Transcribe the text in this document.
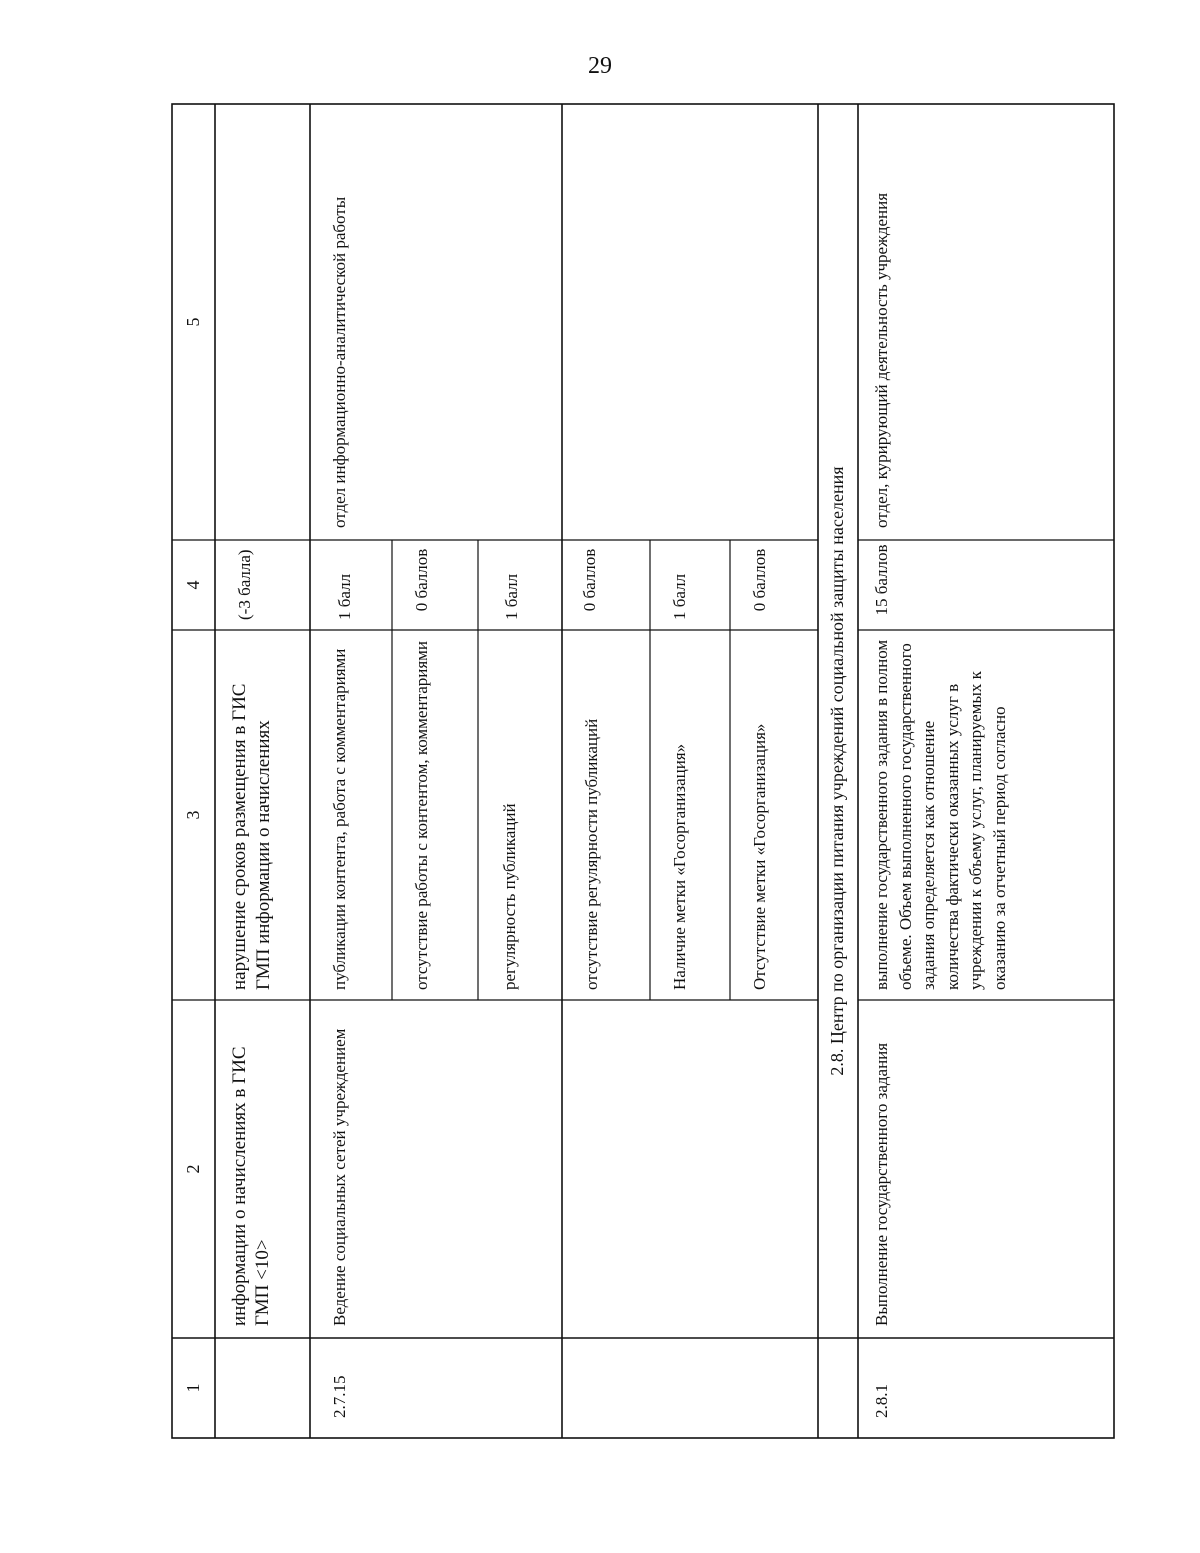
29
1
2
3
4
5
информации о начислениях в ГИС ГМП <10>
нарушение сроков размещения в ГИС ГМП информации о начислениях
(-3 балла)
2.7.15
Ведение социальных сетей учреждением
отдел информационно-аналитической работы
публикации контента, работа с комментариями
1 балл
отсутствие работы с контентом, комментариями
0 баллов
регулярность публикаций
1 балл
отсутствие регулярности публикаций
0 баллов
Наличие метки «Госорганизация»
1 балл
Отсутствие метки «Госорганизация»
0 баллов	2.8. Центр по организации питания учреждений социальной защиты населения
2.8.1
Выполнение государственного задания
выполнение государственного задания в полном объеме. Объем выполненного государственного задания определяется как отношение количества фактически оказанных услуг в учреждении к объему услуг, планируемых к оказанию за отчетный период согласно
15 баллов
отдел, курирующий деятельность учреждения
